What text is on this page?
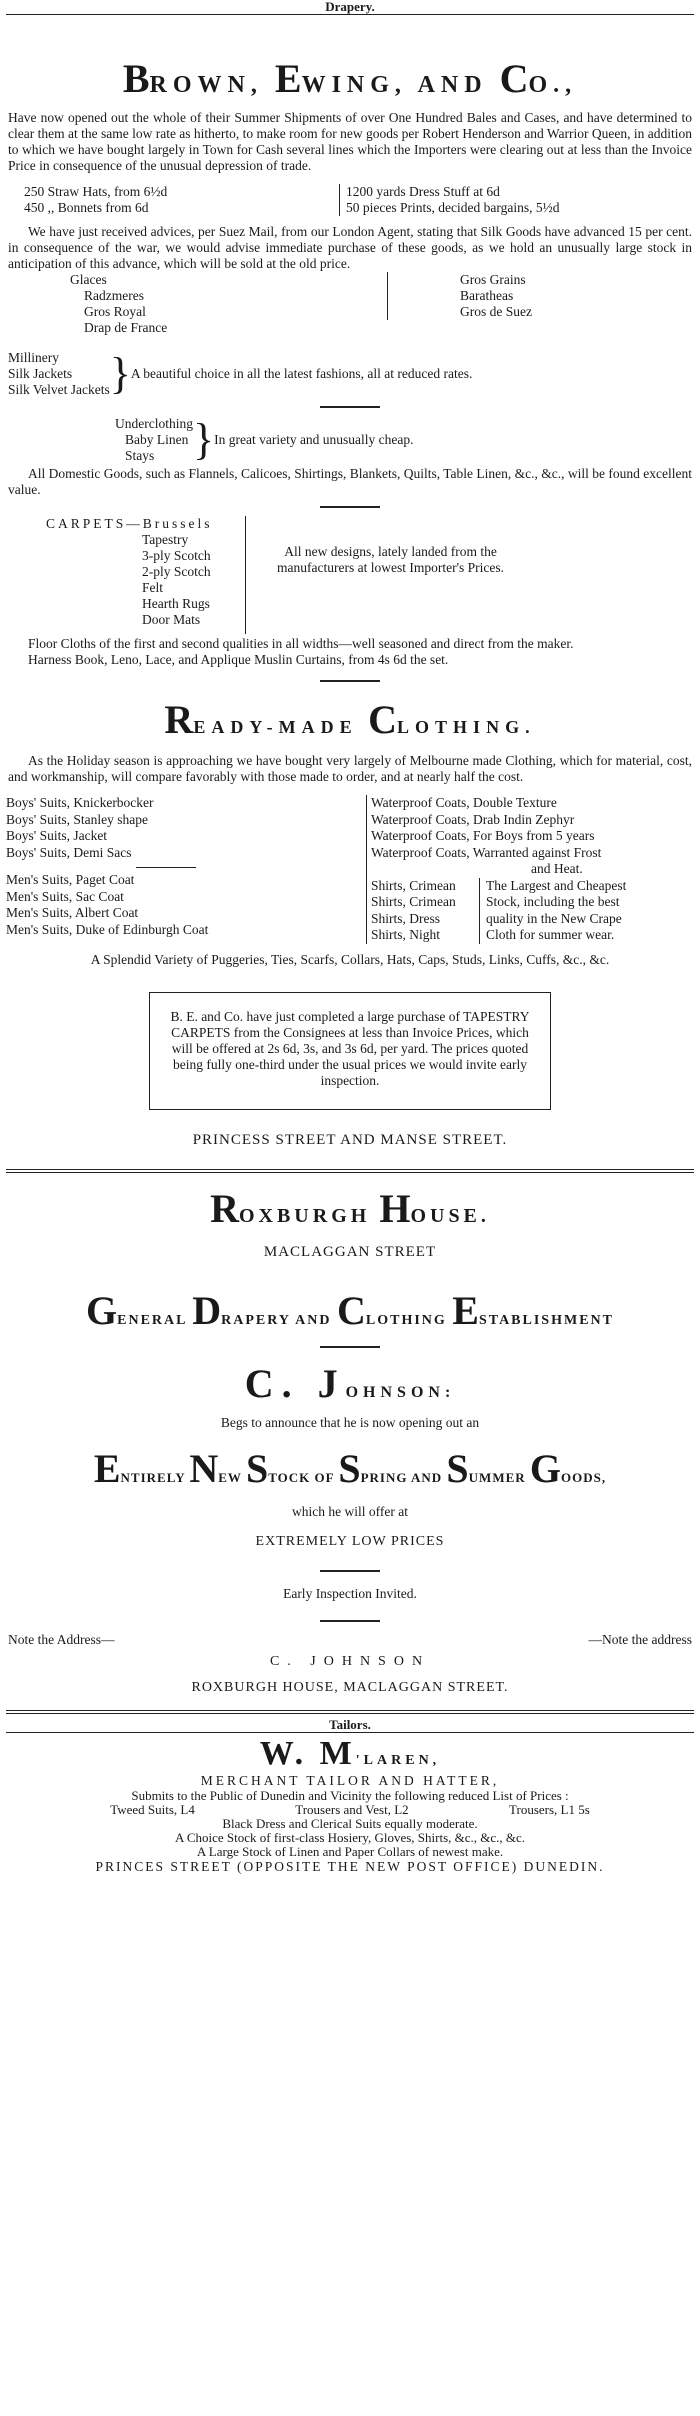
Drapery.
BROWN, EWING, AND CO.,

Have now opened out the whole of their Summer Shipments of over One Hundred Bales and Cases, and have determined to clear them at the same low rate as hitherto, to make room for new goods per Robert Henderson and Warrior Queen, in addition to which we have bought largely in Town for Cash several lines which the Importers were clearing out at less than the Invoice Price in consequence of the unusual depression of trade.

250 Straw Hats, from 6½d
450 ,, Bonnets from 6d
1200 yards Dress Stuff at 6d
50 pieces Prints, decided bargains, 5½d

We have just received advices, per Suez Mail, from our London Agent, stating that Silk Goods have advanced 15 per cent. in consequence of the war, we would advise immediate purchase of these goods, as we hold an unusually large stock in anticipation of this advance, which will be sold at the old price.

Glaces
Radzmeres
Gros Royal
Drap de France
Gros Grains
Baratheas
Gros de Suez
Millinery
Silk Jackets
Silk Velvet Jackets } A beautiful choice in all the latest fashions, all at reduced rates.
Underclothing
Baby Linen
Stays } In great variety and unusually cheap.

All Domestic Goods, such as Flannels, Calicoes, Shirtings, Blankets, Quilts, Table Linen, &c., &c., will be found excellent value.

CARPETS—Brussels
Tapestry
3-ply Scotch
2-ply Scotch
Felt
Hearth Rugs
Door Mats
All new designs, lately landed from the manufacturers at lowest Importer's Prices.

Floor Cloths of the first and second qualities in all widths—well seasoned and direct from the maker.

Harness Book, Leno, Lace, and Applique Muslin Curtains, from 4s 6d the set.

READY-MADE CLOTHING.

As the Holiday season is approaching we have bought very largely of Melbourne made Clothing, which for material, cost, and workmanship, will compare favorably with those made to order, and at nearly half the cost.

Boys' Suits, Knickerbocker
Boys' Suits, Stanley shape
Boys' Suits, Jacket
Boys' Suits, Demi Sacs
Men's Suits, Paget Coat
Men's Suits, Sac Coat
Men's Suits, Albert Coat
Men's Suits, Duke of Edinburgh Coat
Waterproof Coats, Double Texture
Waterproof Coats, Drab Indin Zephyr
Waterproof Coats, For Boys from 5 years
Waterproof Coats, Warranted against Frost
and Heat.
Shirts, Crimean
Shirts, Crimean
Shirts, Dress
Shirts, Night
The Largest and Cheapest
Stock, including the best
quality in the New Crape
Cloth for summer wear.

A Splendid Variety of Puggeries, Ties, Scarfs, Collars, Hats, Caps, Studs, Links, Cuffs, &c., &c.

B. E. and Co. have just completed a large purchase of TAPESTRY CARPETS from the Consignees at less than Invoice Prices, which will be offered at 2s 6d, 3s, and 3s 6d, per yard. The prices quoted being fully one-third under the usual prices we would invite early inspection.
PRINCESS STREET AND MANSE STREET.
ROXBURGH HOUSE.
MACLAGGAN STREET
GENERAL DRAPERY AND CLOTHING ESTABLISHMENT
C. JOHNSON:
Begs to announce that he is now opening out an
ENTIRELY NEW STOCK OF SPRING AND SUMMER GOODS,
which he will offer at
EXTREMELY LOW PRICES
Early Inspection Invited.
Note the Address—	—Note the address
C. JOHNSON
ROXBURGH HOUSE, MACLAGGAN STREET.
Tailors.
W. M'LAREN,
MERCHANT TAILOR AND HATTER,
Submits to the Public of Dunedin and Vicinity the following reduced List of Prices :
Tweed Suits, L4	Trousers and Vest, L2	Trousers, L1 5s
Black Dress and Clerical Suits equally moderate.
A Choice Stock of first-class Hosiery, Gloves, Shirts, &c., &c., &c.
A Large Stock of Linen and Paper Collars of newest make.
PRINCES STREET (OPPOSITE THE NEW POST OFFICE) DUNEDIN.
